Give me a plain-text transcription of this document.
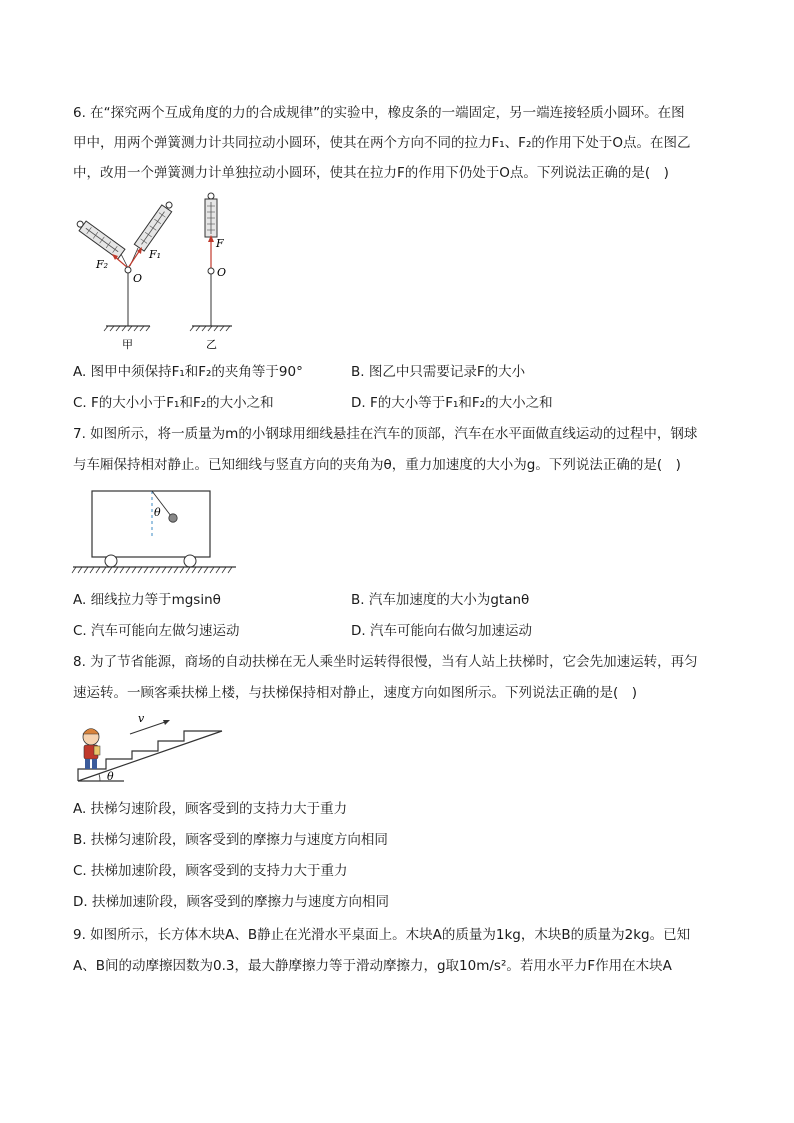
6. 在“探究两个互成角度的力的合成规律”的实验中，橡皮条的一端固定，另一端连接轻质小圆环。在图
甲中，用两个弹簧测力计共同拉动小圆环，使其在两个方向不同的拉力F₁、F₂的作用下处于O点。在图乙
中，改用一个弹簧测力计单独拉动小圆环，使其在拉力F的作用下仍处于O点。下列说法正确的是(　)
F₂
F₁
O
甲
F
O
乙
A. 图甲中须保持F₁和F₂的夹角等于90°	B. 图乙中只需要记录F的大小
C. F的大小小于F₁和F₂的大小之和	D. F的大小等于F₁和F₂的大小之和
7. 如图所示，将一质量为m的小钢球用细线悬挂在汽车的顶部，汽车在水平面做直线运动的过程中，钢球
与车厢保持相对静止。已知细线与竖直方向的夹角为θ，重力加速度的大小为g。下列说法正确的是(　)
θ
A. 细线拉力等于mgsinθ	B. 汽车加速度的大小为gtanθ
C. 汽车可能向左做匀速运动	D. 汽车可能向右做匀加速运动
8. 为了节省能源，商场的自动扶梯在无人乘坐时运转得很慢，当有人站上扶梯时，它会先加速运转，再匀
速运转。一顾客乘扶梯上楼，与扶梯保持相对静止，速度方向如图所示。下列说法正确的是(　)
θ
v
A. 扶梯匀速阶段，顾客受到的支持力大于重力
B. 扶梯匀速阶段，顾客受到的摩擦力与速度方向相同
C. 扶梯加速阶段，顾客受到的支持力大于重力
D. 扶梯加速阶段，顾客受到的摩擦力与速度方向相同
9. 如图所示，长方体木块A、B静止在光滑水平桌面上。木块A的质量为1kg，木块B的质量为2kg。已知
A、B间的动摩擦因数为0.3，最大静摩擦力等于滑动摩擦力，g取10m/s²。若用水平力F作用在木块A
